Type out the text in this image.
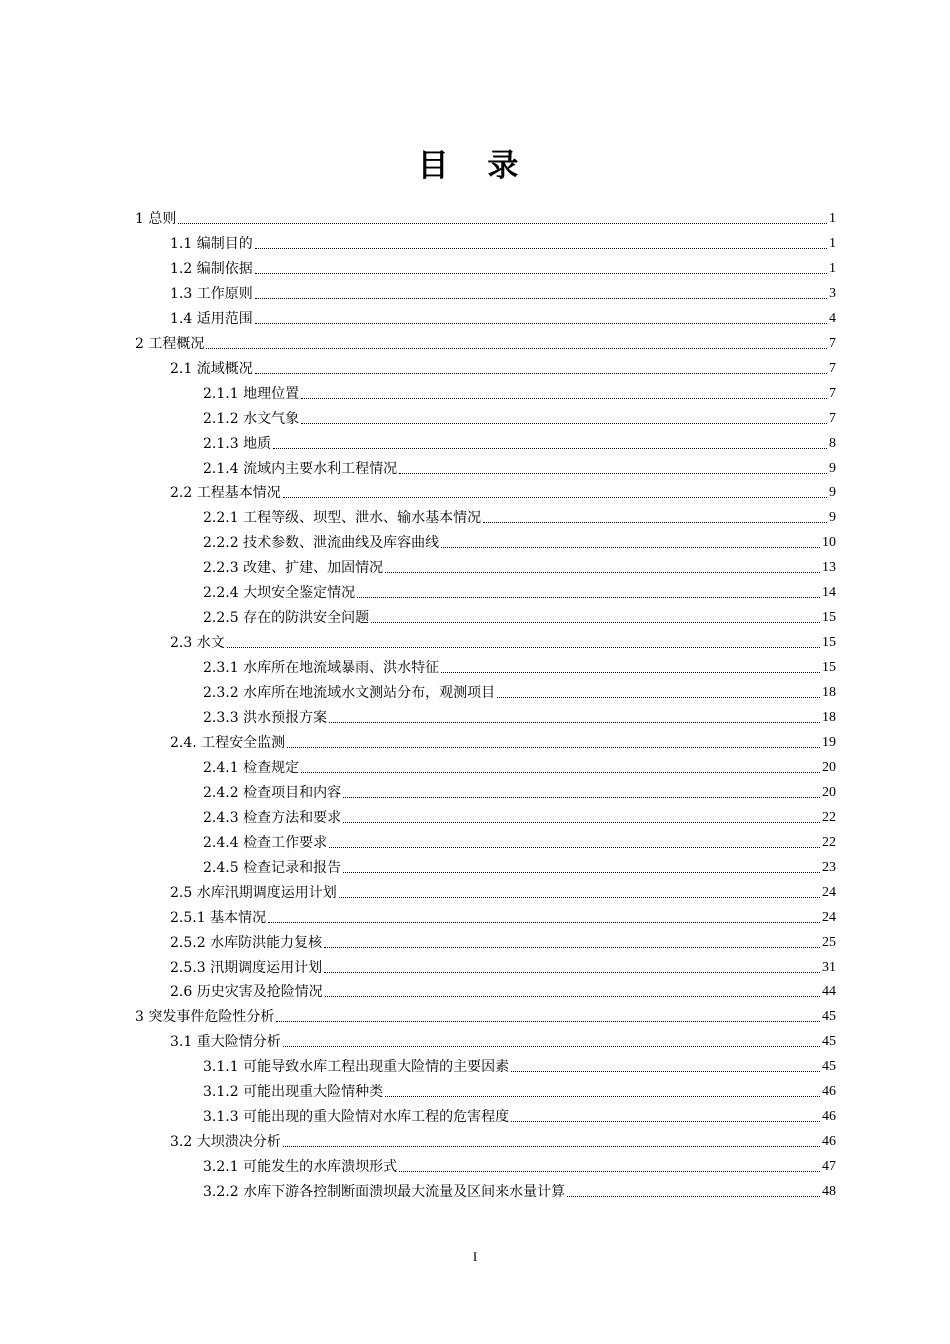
目 录
1 总则	1
1.1 编制目的	1
1.2 编制依据	1
1.3 工作原则	3
1.4 适用范围	4
2 工程概况	7
2.1 流域概况	7
2.1.1 地理位置	7
2.1.2 水文气象	7
2.1.3 地质	8
2.1.4 流域内主要水利工程情况	9
2.2 工程基本情况	9
2.2.1 工程等级、坝型、泄水、输水基本情况	9
2.2.2 技术参数、泄流曲线及库容曲线	10
2.2.3 改建、扩建、加固情况	13
2.2.4 大坝安全鉴定情况	14
2.2.5 存在的防洪安全问题	15
2.3 水文	15
2.3.1 水库所在地流域暴雨、洪水特征	15
2.3.2 水库所在地流域水文测站分布，观测项目	18
2.3.3 洪水预报方案	18
2.4. 工程安全监测	19
2.4.1 检查规定	20
2.4.2 检查项目和内容	20
2.4.3 检查方法和要求	22
2.4.4 检查工作要求	22
2.4.5 检查记录和报告	23
2.5 水库汛期调度运用计划	24
2.5.1 基本情况	24
2.5.2 水库防洪能力复核	25
2.5.3 汛期调度运用计划	31
2.6 历史灾害及抢险情况	44
3 突发事件危险性分析	45
3.1 重大险情分析	45
3.1.1 可能导致水库工程出现重大险情的主要因素	45
3.1.2 可能出现重大险情种类	46
3.1.3 可能出现的重大险情对水库工程的危害程度	46
3.2 大坝溃决分析	46
3.2.1 可能发生的水库溃坝形式	47
3.2.2 水库下游各控制断面溃坝最大流量及区间来水量计算	48
I
